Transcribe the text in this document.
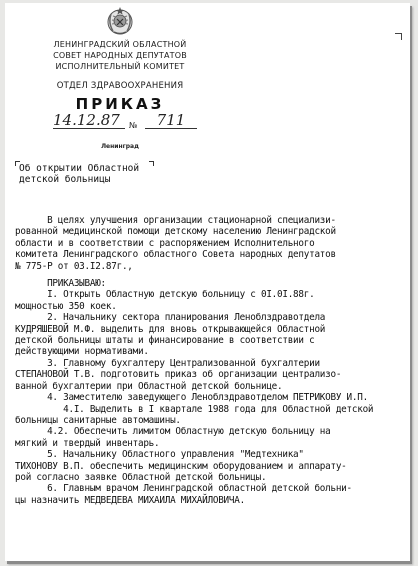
ЛЕНИНГРАДСКИЙ ОБЛАСТНОЙ
СОВЕТ НАРОДНЫХ ДЕПУТАТОВ
ИСПОЛНИТЕЛЬНЫЙ КОМИТЕТ
ОТДЕЛ ЗДРАВООХРАНЕНИЯ
ПРИКАЗ
14.12.87	№	711
Ленинград
Об открытии Областной
детской больницы
В целях улучшения организации стационарной специализи-
рованной медицинской помощи детскому населению Ленинградской
области и в соответствии с распоряжением Исполнительного
комитета Ленинградского областного Совета народных депутатов
№ 775-Р от 03.I2.87г.,
ПРИКАЗЫВАЮ:
I. Открыть Областную детскую больницу с 0I.0I.88г.
мощностью 350 коек.
2. Начальнику сектора планирования Леноблздравотдела
КУДРЯШЕВОЙ М.Ф. выделить для вновь открывающейся Областной
детской больницы штаты и финансирование в соответствии с
действующими нормативами.
3. Главному бухгалтеру Централизованной бухгалтерии
СТЕПАНОВОЙ Т.В. подготовить приказ об организации централизо-
ванной бухгалтерии при Областной детской больнице.
4. Заместителю заведующего Леноблздравотделом ПЕТРИКОВУ И.П.
4.I. Выделить в I квартале 1988 года для Областной детской
больницы санитарные автомашины.
4.2. Обеспечить лимитом Областную детскую больницу на
мягкий и твердый инвентарь.
5. Начальнику Областного управления "Медтехника"
ТИХОНОВУ В.П. обеспечить медицинским оборудованием и аппарату-
рой согласно заявке Областной детской больницы.
6. Главным врачом Ленинградской областной детской больни-
цы назначить МЕДВЕДЕВА МИХАИЛА МИХАЙЛОВИЧА.
